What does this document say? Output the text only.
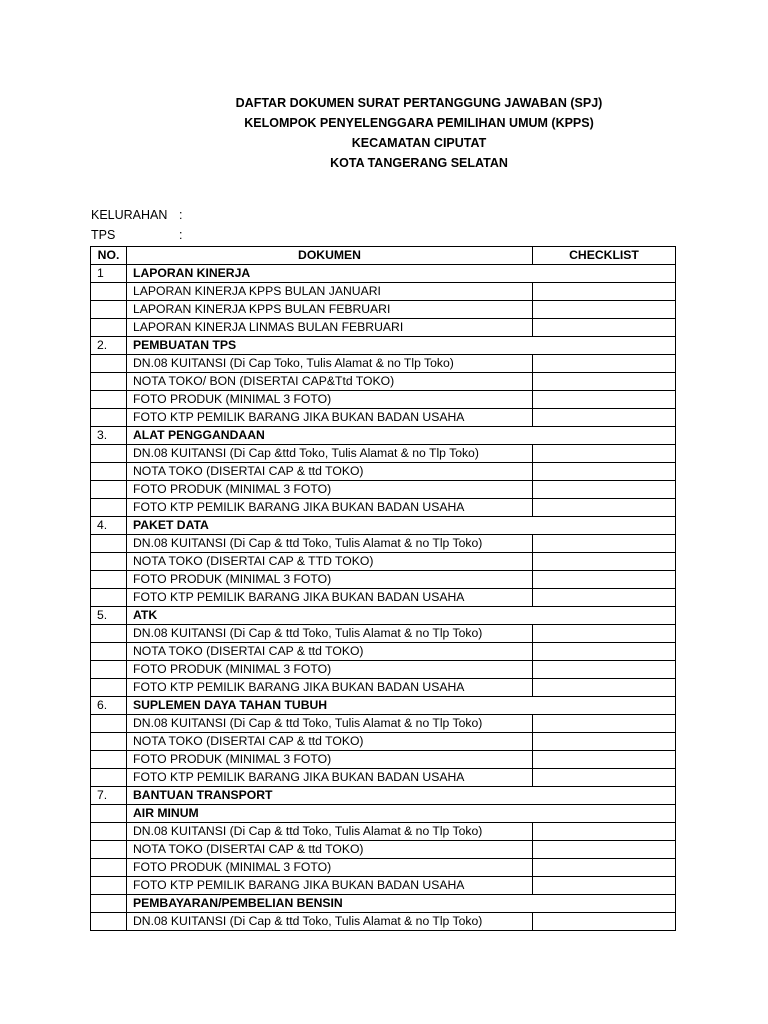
DAFTAR DOKUMEN SURAT PERTANGGUNG JAWABAN (SPJ)
KELOMPOK PENYELENGGARA PEMILIHAN UMUM (KPPS)
KECAMATAN CIPUTAT
KOTA TANGERANG SELATAN
KELURAHAN :
TPS	:
NO.	DOKUMEN	CHECKLIST
1	LAPORAN KINERJA	
	LAPORAN KINERJA KPPS BULAN JANUARI	
	LAPORAN KINERJA KPPS BULAN FEBRUARI	
	LAPORAN KINERJA LINMAS BULAN FEBRUARI	
2.	PEMBUATAN TPS	
	DN.08 KUITANSI (Di Cap Toko, Tulis Alamat & no Tlp Toko)	
	NOTA TOKO/ BON (DISERTAI CAP&Ttd TOKO)	
	FOTO PRODUK (MINIMAL 3 FOTO)	
	FOTO KTP PEMILIK BARANG JIKA BUKAN BADAN USAHA	
3.	ALAT PENGGANDAAN	
	DN.08 KUITANSI (Di Cap &ttd Toko, Tulis Alamat & no Tlp Toko)	
	NOTA TOKO (DISERTAI CAP & ttd TOKO)	
	FOTO PRODUK (MINIMAL 3 FOTO)	
	FOTO KTP PEMILIK BARANG JIKA BUKAN BADAN USAHA	
4.	PAKET DATA	
	DN.08 KUITANSI (Di Cap & ttd Toko, Tulis Alamat & no Tlp Toko)	
	NOTA TOKO (DISERTAI CAP & TTD TOKO)	
	FOTO PRODUK (MINIMAL 3 FOTO)	
	FOTO KTP PEMILIK BARANG JIKA BUKAN BADAN USAHA	
5.	ATK	
	DN.08 KUITANSI (Di Cap & ttd Toko, Tulis Alamat & no Tlp Toko)	
	NOTA TOKO (DISERTAI CAP & ttd TOKO)	
	FOTO PRODUK (MINIMAL 3 FOTO)	
	FOTO KTP PEMILIK BARANG JIKA BUKAN BADAN USAHA	
6.	SUPLEMEN DAYA TAHAN TUBUH	
	DN.08 KUITANSI (Di Cap & ttd Toko, Tulis Alamat & no Tlp Toko)	
	NOTA TOKO (DISERTAI CAP & ttd TOKO)	
	FOTO PRODUK (MINIMAL 3 FOTO)	
	FOTO KTP PEMILIK BARANG JIKA BUKAN BADAN USAHA	
7.	BANTUAN TRANSPORT	
	AIR MINUM	
	DN.08 KUITANSI (Di Cap & ttd Toko, Tulis Alamat & no Tlp Toko)	
	NOTA TOKO (DISERTAI CAP & ttd TOKO)	
	FOTO PRODUK (MINIMAL 3 FOTO)	
	FOTO KTP PEMILIK BARANG JIKA BUKAN BADAN USAHA	
	PEMBAYARAN/PEMBELIAN BENSIN	
	DN.08 KUITANSI (Di Cap & ttd Toko, Tulis Alamat & no Tlp Toko)	
